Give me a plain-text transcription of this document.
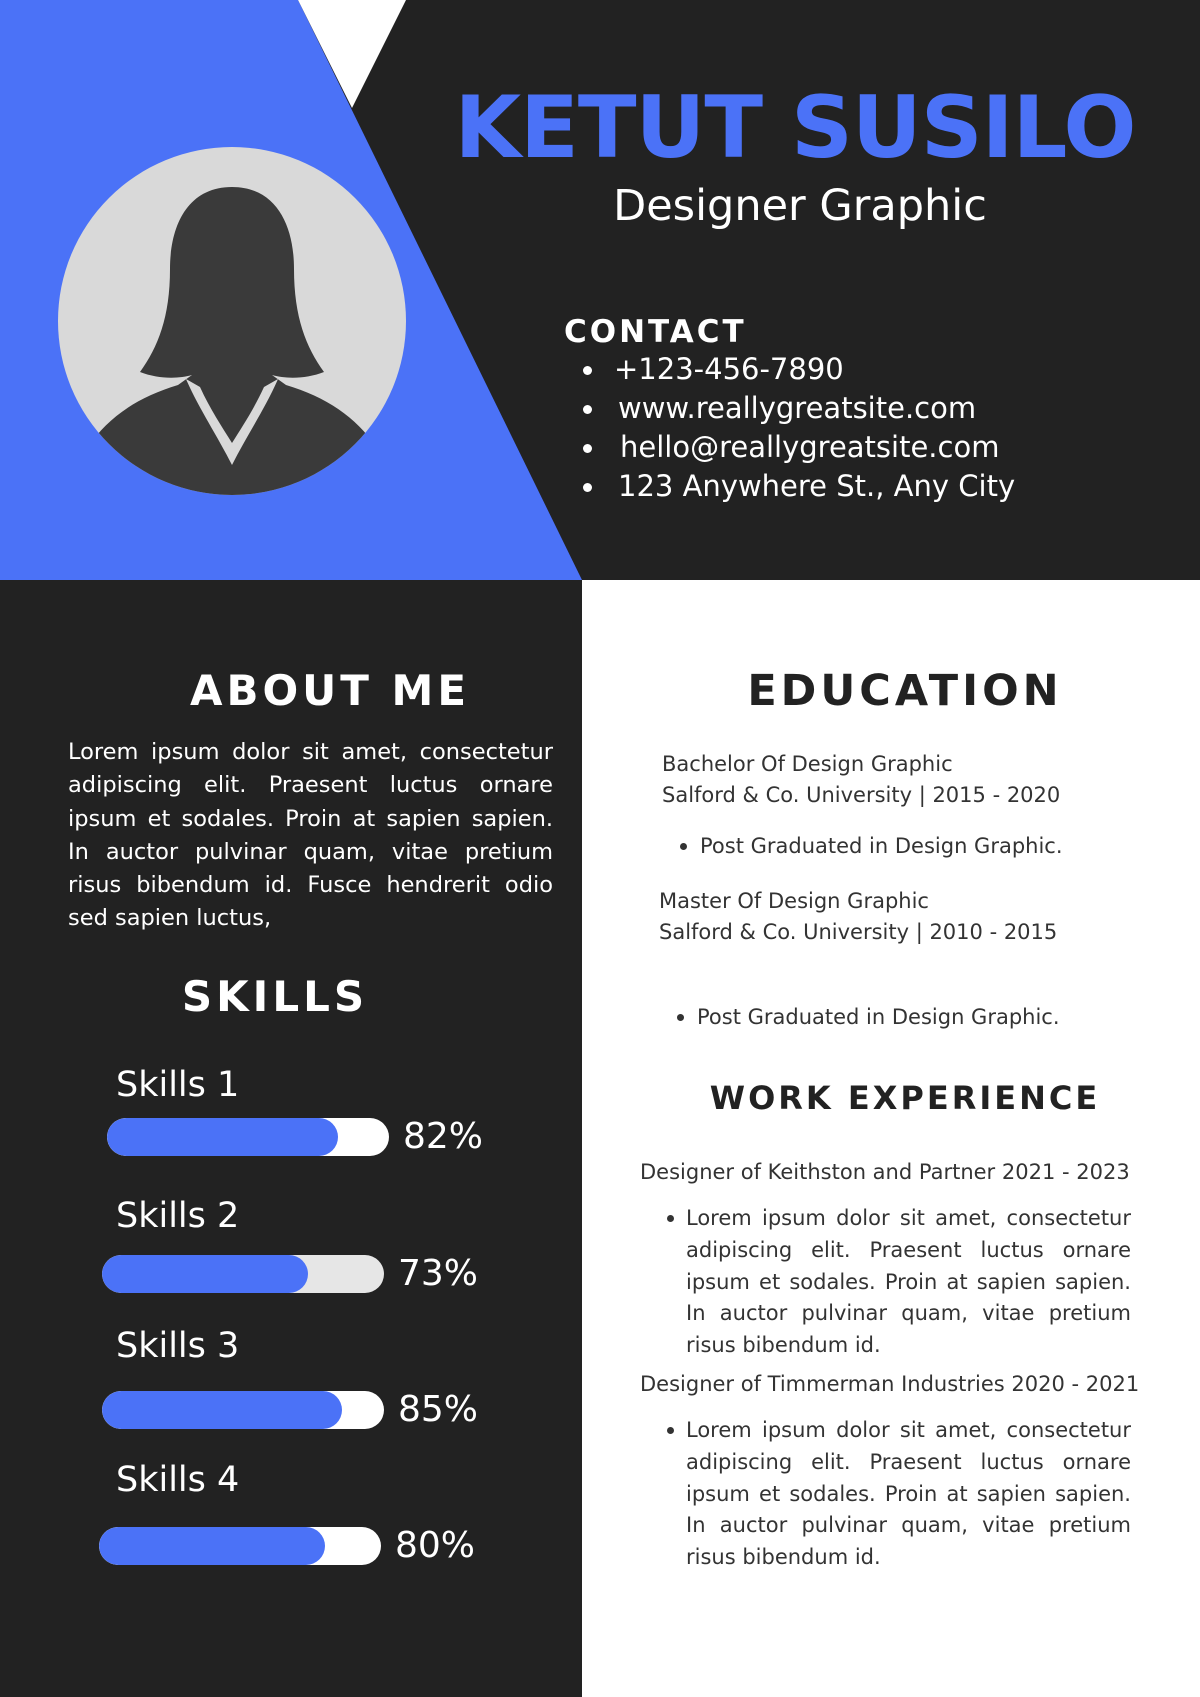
KETUT SUSILO
Designer Graphic
CONTACT
+123-456-7890
www.reallygreatsite.com
hello@reallygreatsite.com
123 Anywhere St., Any City
ABOUT ME
Lorem ipsum dolor sit amet, consectetur adipiscing elit. Praesent luctus ornare ipsum et sodales. Proin at sapien sapien. In auctor pulvinar quam, vitae pretium risus bibendum id. Fusce hendrerit odio sed sapien luctus,
SKILLS
Skills 1
82%
Skills 2
73%
Skills 3
85%
Skills 4
80%
EDUCATION
Bachelor Of Design Graphic
Salford & Co. University | 2015 - 2020
Post Graduated in Design Graphic.
Master Of Design Graphic
Salford & Co. University | 2010 - 2015
Post Graduated in Design Graphic.
WORK EXPERIENCE
Designer of Keithston and Partner 2021 - 2023
Lorem ipsum dolor sit amet, consectetur adipiscing elit. Praesent luctus ornare ipsum et sodales. Proin at sapien sapien. In auctor pulvinar quam, vitae pretium risus bibendum id.
Designer of Timmerman Industries 2020 - 2021
Lorem ipsum dolor sit amet, consectetur adipiscing elit. Praesent luctus ornare ipsum et sodales. Proin at sapien sapien. In auctor pulvinar quam, vitae pretium risus bibendum id.
